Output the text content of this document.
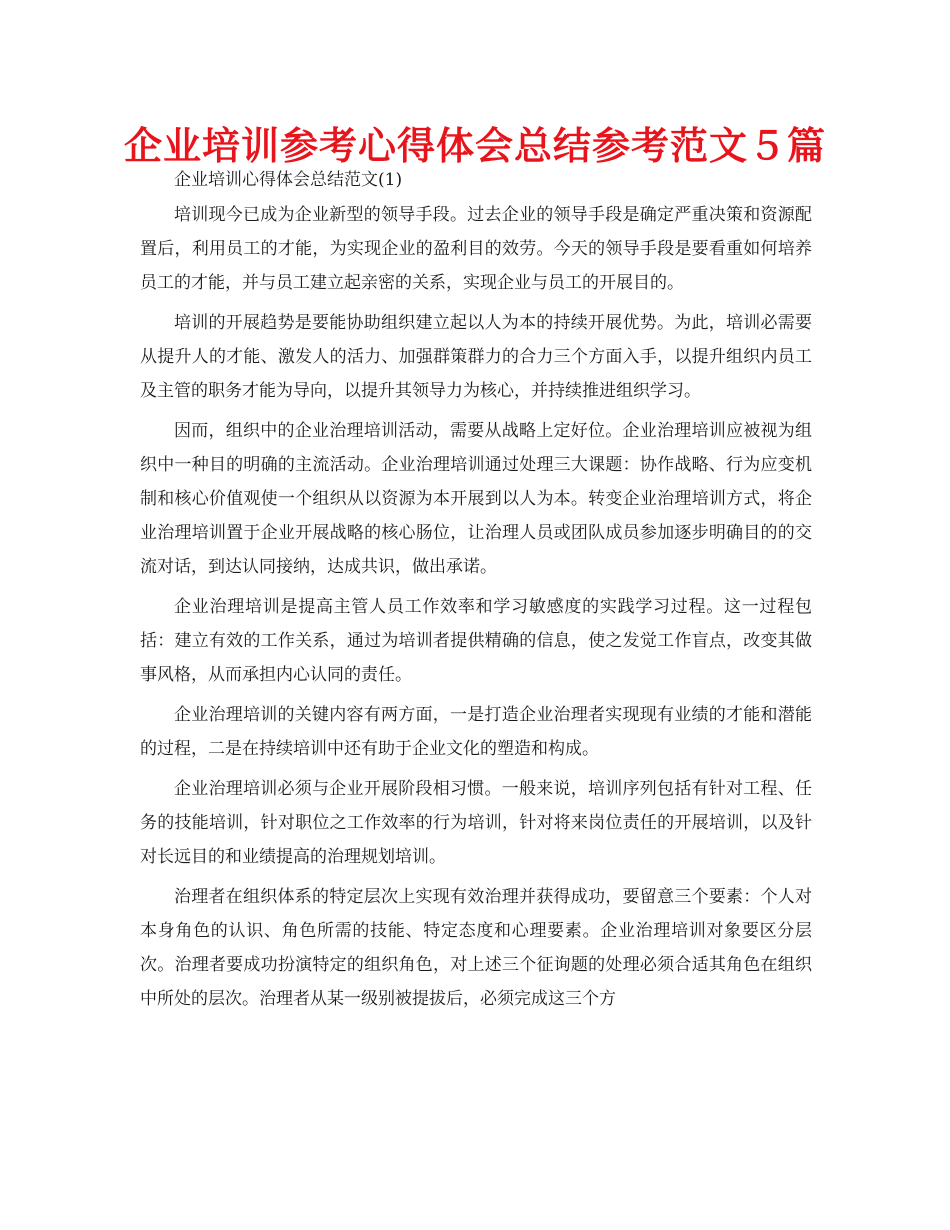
企业培训参考心得体会总结参考范文５篇

企业培训心得体会总结范文(1)

培训现今已成为企业新型的领导手段。过去企业的领导手段是确定严重决策和资源配置后，利用员工的才能，为实现企业的盈利目的效劳。今天的领导手段是要看重如何培养员工的才能，并与员工建立起亲密的关系，实现企业与员工的开展目的。

培训的开展趋势是要能协助组织建立起以人为本的持续开展优势。为此，培训必需要从提升人的才能、激发人的活力、加强群策群力的合力三个方面入手，以提升组织内员工及主管的职务才能为导向，以提升其领导力为核心，并持续推进组织学习。

因而，组织中的企业治理培训活动，需要从战略上定好位。企业治理培训应被视为组织中一种目的明确的主流活动。企业治理培训通过处理三大课题：协作战略、行为应变机制和核心价值观使一个组织从以资源为本开展到以人为本。转变企业治理培训方式，将企业治理培训置于企业开展战略的核心肠位，让治理人员或团队成员参加逐步明确目的的交流对话，到达认同接纳，达成共识，做出承诺。

企业治理培训是提高主管人员工作效率和学习敏感度的实践学习过程。这一过程包括：建立有效的工作关系，通过为培训者提供精确的信息，使之发觉工作盲点，改变其做事风格，从而承担内心认同的责任。

企业治理培训的关键内容有两方面，一是打造企业治理者实现现有业绩的才能和潜能的过程，二是在持续培训中还有助于企业文化的塑造和构成。

企业治理培训必须与企业开展阶段相习惯。一般来说，培训序列包括有针对工程、任务的技能培训，针对职位之工作效率的行为培训，针对将来岗位责任的开展培训，以及针对长远目的和业绩提高的治理规划培训。

治理者在组织体系的特定层次上实现有效治理并获得成功，要留意三个要素：个人对本身角色的认识、角色所需的技能、特定态度和心理要素。企业治理培训对象要区分层次。治理者要成功扮演特定的组织角色，对上述三个征询题的处理必须合适其角色在组织中所处的层次。治理者从某一级别被提拔后，必须完成这三个方
